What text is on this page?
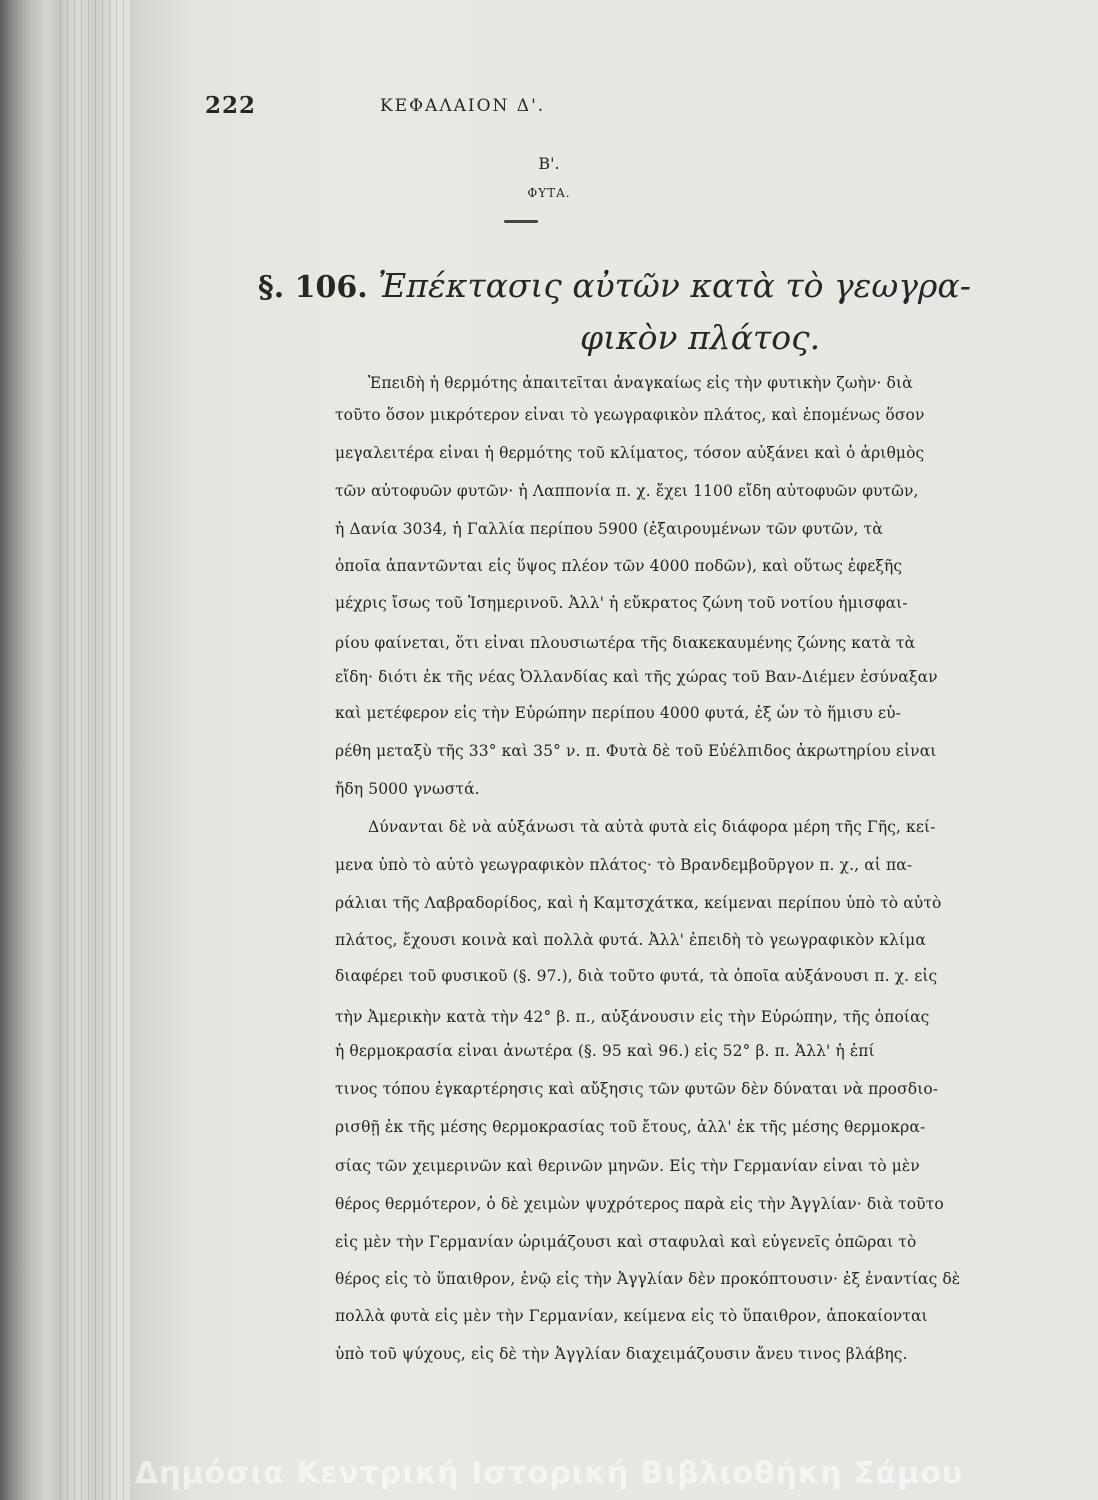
222	ΚΕΦΑΛΑΙΟΝ Δ'.
Β'.
ΦΥΤΑ.
§. 106. Ἐπέκτασις αὐτῶν κατὰ τὸ γεωγρα-
φικὸν πλάτος.
Ἐπειδὴ ἡ θερμότης ἀπαιτεῖται ἀναγκαίως εἰς τὴν φυτικὴν ζωὴν· διὰ
τοῦτο ὅσον μικρότερον εἶναι τὸ γεωγραφικὸν πλάτος, καὶ ἑπομένως ὅσον
μεγαλειτέρα εἶναι ἡ θερμότης τοῦ κλίματος, τόσον αὐξάνει καὶ ὁ ἀριθμὸς
τῶν αὐτοφυῶν φυτῶν· ἡ Λαππονία π. χ. ἔχει 1100 εἴδη αὐτοφυῶν φυτῶν,
ἡ Δανία 3034, ἡ Γαλλία περίπου 5900 (ἐξαιρουμένων τῶν φυτῶν, τὰ
ὁποῖα ἀπαντῶνται εἰς ὕψος πλέον τῶν 4000 ποδῶν), καὶ οὕτως ἐφεξῆς
μέχρις ἴσως τοῦ Ἰσημερινοῦ. Ἀλλ' ἡ εὔκρατος ζώνη τοῦ νοτίου ἡμισφαι-
ρίου φαίνεται, ὅτι εἶναι πλουσιωτέρα τῆς διακεκαυμένης ζώνης κατὰ τὰ
εἴδη· διότι ἐκ τῆς νέας Ὀλλανδίας καὶ τῆς χώρας τοῦ Βαν-Διέμεν ἐσύναξαν
καὶ μετέφερον εἰς τὴν Εὐρώπην περίπου 4000 φυτά, ἐξ ὧν τὸ ἥμισυ εὑ-
ρέθη μεταξὺ τῆς 33° καὶ 35° ν. π. Φυτὰ δὲ τοῦ Εὐέλπιδος ἀκρωτηρίου εἶναι
ἤδη 5000 γνωστά.
Δύνανται δὲ νὰ αὐξάνωσι τὰ αὐτὰ φυτὰ εἰς διάφορα μέρη τῆς Γῆς, κεί-
μενα ὑπὸ τὸ αὐτὸ γεωγραφικὸν πλάτος· τὸ Βρανδεμβοῦργον π. χ., αἱ πα-
ράλιαι τῆς Λαβραδορίδος, καὶ ἡ Καμτσχάτκα, κείμεναι περίπου ὑπὸ τὸ αὐτὸ
πλάτος, ἔχουσι κοινὰ καὶ πολλὰ φυτά. Ἀλλ' ἐπειδὴ τὸ γεωγραφικὸν κλίμα
διαφέρει τοῦ φυσικοῦ (§. 97.), διὰ τοῦτο φυτά, τὰ ὁποῖα αὐξάνουσι π. χ. εἰς
τὴν Ἀμερικὴν κατὰ τὴν 42° β. π., αὐξάνουσιν εἰς τὴν Εὐρώπην, τῆς ὁποίας
ἡ θερμοκρασία εἶναι ἀνωτέρα (§. 95 καὶ 96.) εἰς 52° β. π. Ἀλλ' ἡ ἐπί
τινος τόπου ἐγκαρτέρησις καὶ αὔξησις τῶν φυτῶν δὲν δύναται νὰ προσδιο-
ρισθῇ ἐκ τῆς μέσης θερμοκρασίας τοῦ ἔτους, ἀλλ' ἐκ τῆς μέσης θερμοκρα-
σίας τῶν χειμερινῶν καὶ θερινῶν μηνῶν. Εἰς τὴν Γερμανίαν εἶναι τὸ μὲν
θέρος θερμότερον, ὁ δὲ χειμὼν ψυχρότερος παρὰ εἰς τὴν Ἀγγλίαν· διὰ τοῦτο
εἰς μὲν τὴν Γερμανίαν ὡριμάζουσι καὶ σταφυλαὶ καὶ εὐγενεῖς ὀπῶραι τὸ
θέρος εἰς τὸ ὕπαιθρον, ἐνῷ εἰς τὴν Ἀγγλίαν δὲν προκόπτουσιν· ἐξ ἐναντίας δὲ
πολλὰ φυτὰ εἰς μὲν τὴν Γερμανίαν, κείμενα εἰς τὸ ὕπαιθρον, ἀποκαίονται
ὑπὸ τοῦ ψύχους, εἰς δὲ τὴν Ἀγγλίαν διαχειμάζουσιν ἄνευ τινος βλάβης.
Δημόσια Κεντρική Ιστορική Βιβλιοθήκη Σάμου
